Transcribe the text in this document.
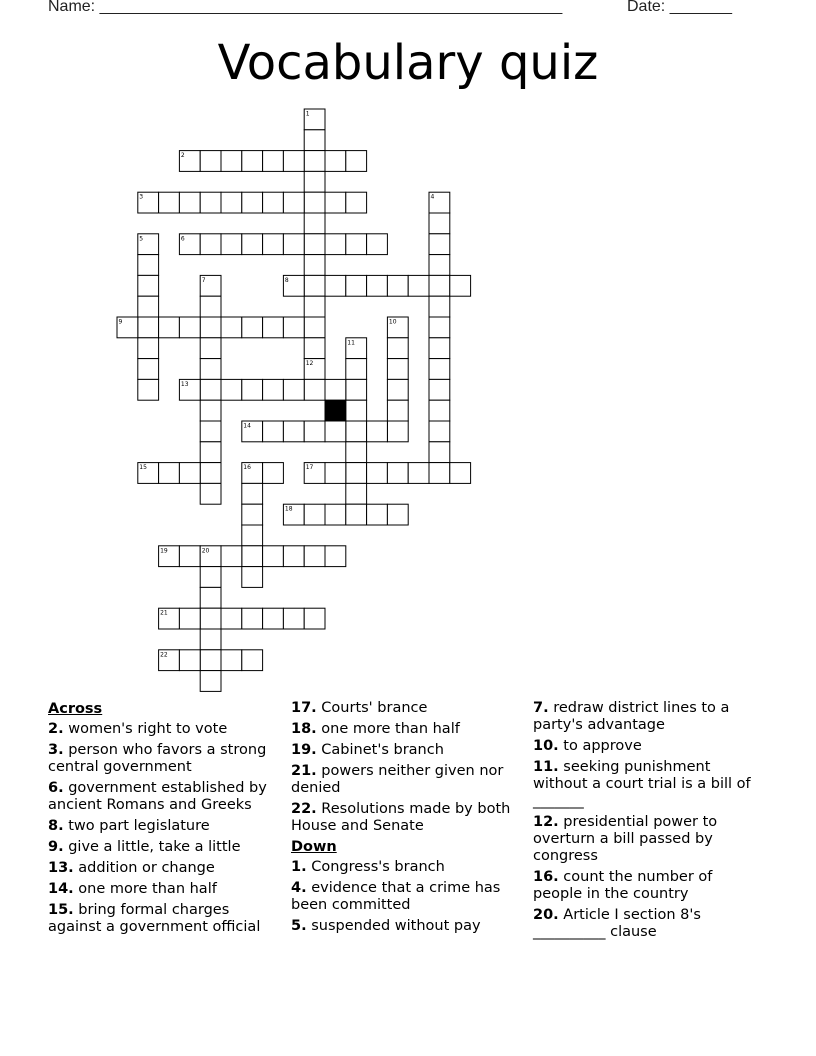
Name: ____________________________________________________	Date: _______
Vocabulary quiz
1
2
3	4
5	6
7	8
9	10
11
12
13
14
15	16	17
18
19	20
21
22
Across
2. women's right to vote
3. person who favors a strong central government
6. government established by ancient Romans and Greeks
8. two part legislature
9. give a little, take a little
13. addition or change
14. one more than half
15. bring formal charges against a government official
17. Courts' brance
18. one more than half
19. Cabinet's branch
21. powers neither given nor denied
22. Resolutions made by both House and Senate
Down
1. Congress's branch
4. evidence that a crime has been committed
5. suspended without pay
7. redraw district lines to a party's advantage
10. to approve
11. seeking punishment without a court trial is a bill of _______
12. presidential power to overturn a bill passed by congress
16. count the number of people in the country
20. Article I section 8's __________ clause
